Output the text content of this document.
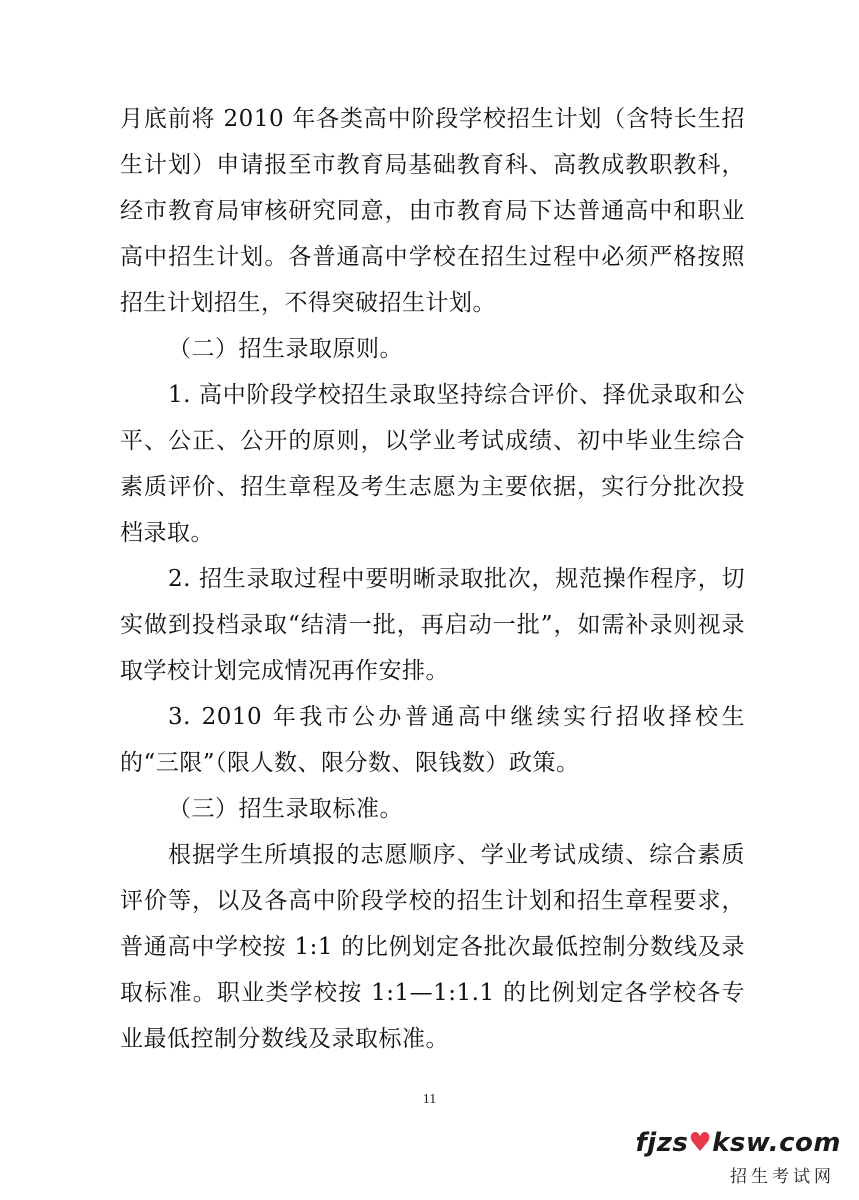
月底前将 2010 年各类高中阶段学校招生计划（含特长生招生计划）申请报至市教育局基础教育科、高教成教职教科，经市教育局审核研究同意，由市教育局下达普通高中和职业高中招生计划。各普通高中学校在招生过程中必须严格按照招生计划招生，不得突破招生计划。

（二）招生录取原则。

1. 高中阶段学校招生录取坚持综合评价、择优录取和公平、公正、公开的原则，以学业考试成绩、初中毕业生综合素质评价、招生章程及考生志愿为主要依据，实行分批次投档录取。

2. 招生录取过程中要明晰录取批次，规范操作程序，切实做到投档录取“结清一批，再启动一批”，如需补录则视录取学校计划完成情况再作安排。

3. 2010 年我市公办普通高中继续实行招收择校生的“三限”（限人数、限分数、限钱数）政策。

（三）招生录取标准。

根据学生所填报的志愿顺序、学业考试成绩、综合素质评价等，以及各高中阶段学校的招生计划和招生章程要求，普通高中学校按 1:1 的比例划定各批次最低控制分数线及录取标准。职业类学校按 1:1—1:1.1 的比例划定各学校各专业最低控制分数线及录取标准。

11
fjzs♥ksw.com
招生考试网
